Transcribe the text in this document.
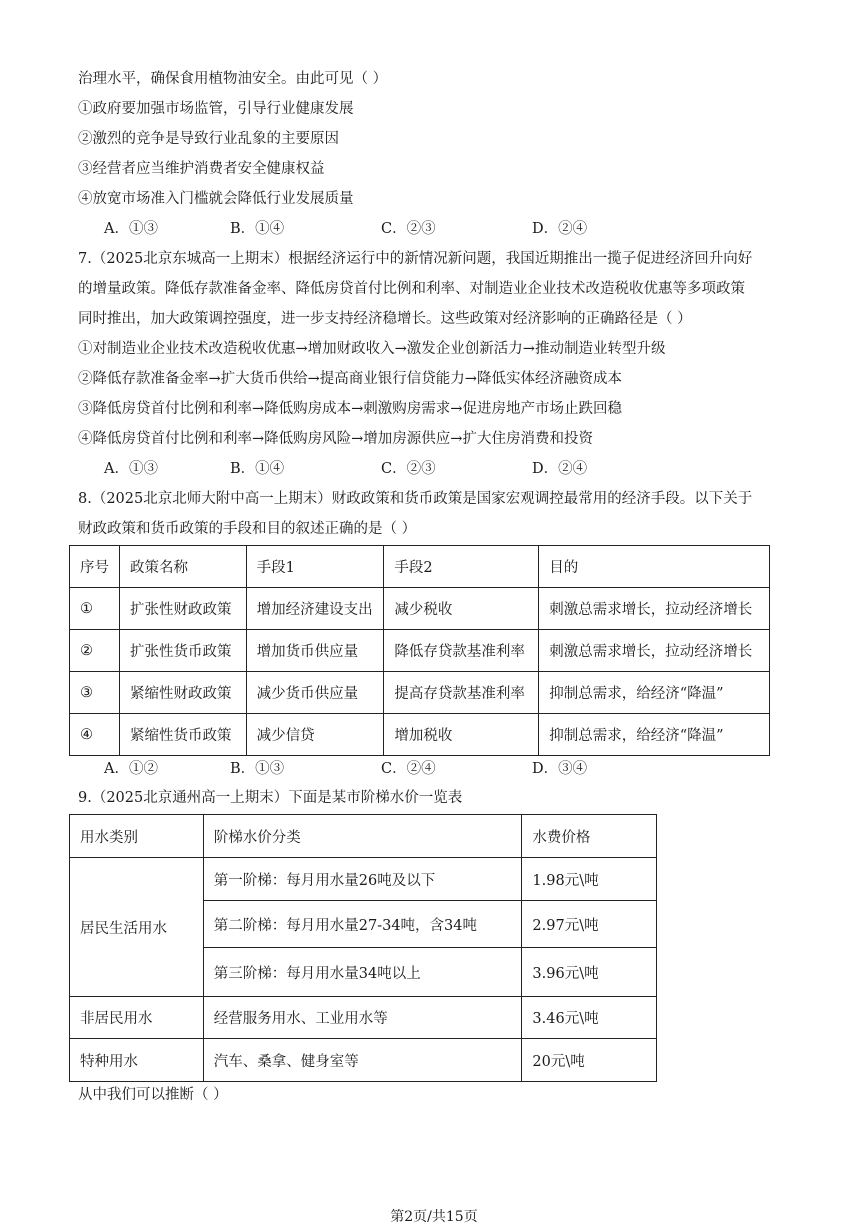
治理水平，确保食用植物油安全。由此可见（ ）
①政府要加强市场监管，引导行业健康发展
②激烈的竞争是导致行业乱象的主要原因
③经营者应当维护消费者安全健康权益
④放宽市场准入门槛就会降低行业发展质量
A．①③	B．①④	C．②③	D．②④
7.（2025北京东城高一上期末）根据经济运行中的新情况新问题，我国近期推出一揽子促进经济回升向好
的增量政策。降低存款准备金率、降低房贷首付比例和利率、对制造业企业技术改造税收优惠等多项政策
同时推出，加大政策调控强度，进一步支持经济稳增长。这些政策对经济影响的正确路径是（ ）
①对制造业企业技术改造税收优惠→增加财政收入→激发企业创新活力→推动制造业转型升级
②降低存款准备金率→扩大货币供给→提高商业银行信贷能力→降低实体经济融资成本
③降低房贷首付比例和利率→降低购房成本→刺激购房需求→促进房地产市场止跌回稳
④降低房贷首付比例和利率→降低购房风险→增加房源供应→扩大住房消费和投资
A．①③	B．①④	C．②③	D．②④
8.（2025北京北师大附中高一上期末）财政政策和货币政策是国家宏观调控最常用的经济手段。以下关于
财政政策和货币政策的手段和目的叙述正确的是（ ）
序号	政策名称	手段1	手段2	目的
①	扩张性财政政策	增加经济建设支出	减少税收	刺激总需求增长，拉动经济增长
②	扩张性货币政策	增加货币供应量	降低存贷款基准利率	刺激总需求增长，拉动经济增长
③	紧缩性财政政策	减少货币供应量	提高存贷款基准利率	抑制总需求，给经济“降温”
④	紧缩性货币政策	减少信贷	增加税收	抑制总需求，给经济“降温”
A．①②	B．①③	C．②④	D．③④
9.（2025北京通州高一上期末）下面是某市阶梯水价一览表
用水类别	阶梯水价分类	水费价格
居民生活用水	第一阶梯：每月用水量26吨及以下	1.98元\吨
	第二阶梯：每月用水量27-34吨，含34吨	2.97元\吨
	第三阶梯：每月用水量34吨以上	3.96元\吨
非居民用水	经营服务用水、工业用水等	3.46元\吨
特种用水	汽车、桑拿、健身室等	20元\吨
从中我们可以推断（ ）
第2页/共15页
